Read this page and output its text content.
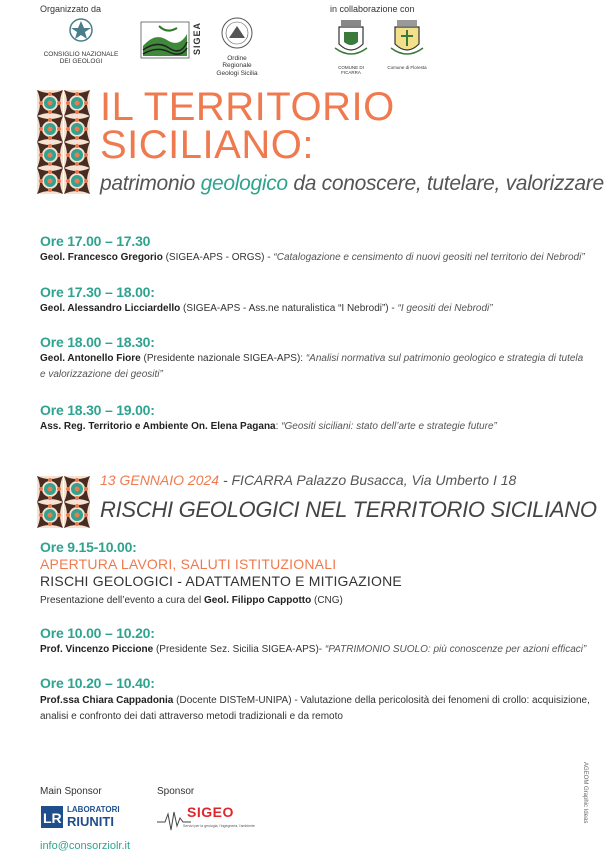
Organizzato da
CONSIGLIO NAZIONALE
DEI GEOLOGI
SIGEA
Ordine Regionale
Geologi Sicilia
in collaborazione con
COMUNE DI FICARRA
Comune di Floresta
IL TERRITORIO
SICILIANO:
patrimonio geologico da conoscere, tutelare, valorizzare
Ore 17.00 – 17.30
Geol. Francesco Gregorio (SIGEA-APS - ORGS) - “Catalogazione e censimento di nuovi geositi nel territorio dei Nebrodi”
Ore 17.30 – 18.00:
Geol. Alessandro Licciardello (SIGEA-APS - Ass.ne naturalistica “I Nebrodi”) - “I geositi dei Nebrodi”
Ore 18.00 – 18.30:
Geol. Antonello Fiore (Presidente nazionale SIGEA-APS): “Analisi normativa sul patrimonio geologico e strategia di tutela
e valorizzazione dei geositi”
Ore 18.30 – 19.00:
Ass. Reg. Territorio e Ambiente On. Elena Pagana: “Geositi siciliani: stato dell’arte e strategie future”
13 GENNAIO 2024 - FICARRA Palazzo Busacca, Via Umberto I 18
RISCHI GEOLOGICI NEL TERRITORIO SICILIANO
Ore 9.15-10.00:
APERTURA LAVORI, SALUTI ISTITUZIONALI
RISCHI GEOLOGICI - ADATTAMENTO E MITIGAZIONE
Presentazione dell’evento a cura del Geol. Filippo Cappotto (CNG)
Ore 10.00 – 10.20:
Prof. Vincenzo Piccione (Presidente Sez. Sicilia SIGEA-APS)- “PATRIMONIO SUOLO: più conoscenze per azioni efficaci”
Ore 10.20 – 10.40:
Prof.ssa Chiara Cappadonia (Docente DISTeM-UNIPA) - Valutazione della pericolosità dei fenomeni di crollo: acquisizione,
analisi e confronto dei dati attraverso metodi tradizionali e da remoto
Main Sponsor	Sponsor
LR
LABORATORI
RIUNITI
SIGEO
Servizi per la geologia, l'ingegneria, l'ambiente
info@consorziolr.it
AGEOM Graphic Ideas
